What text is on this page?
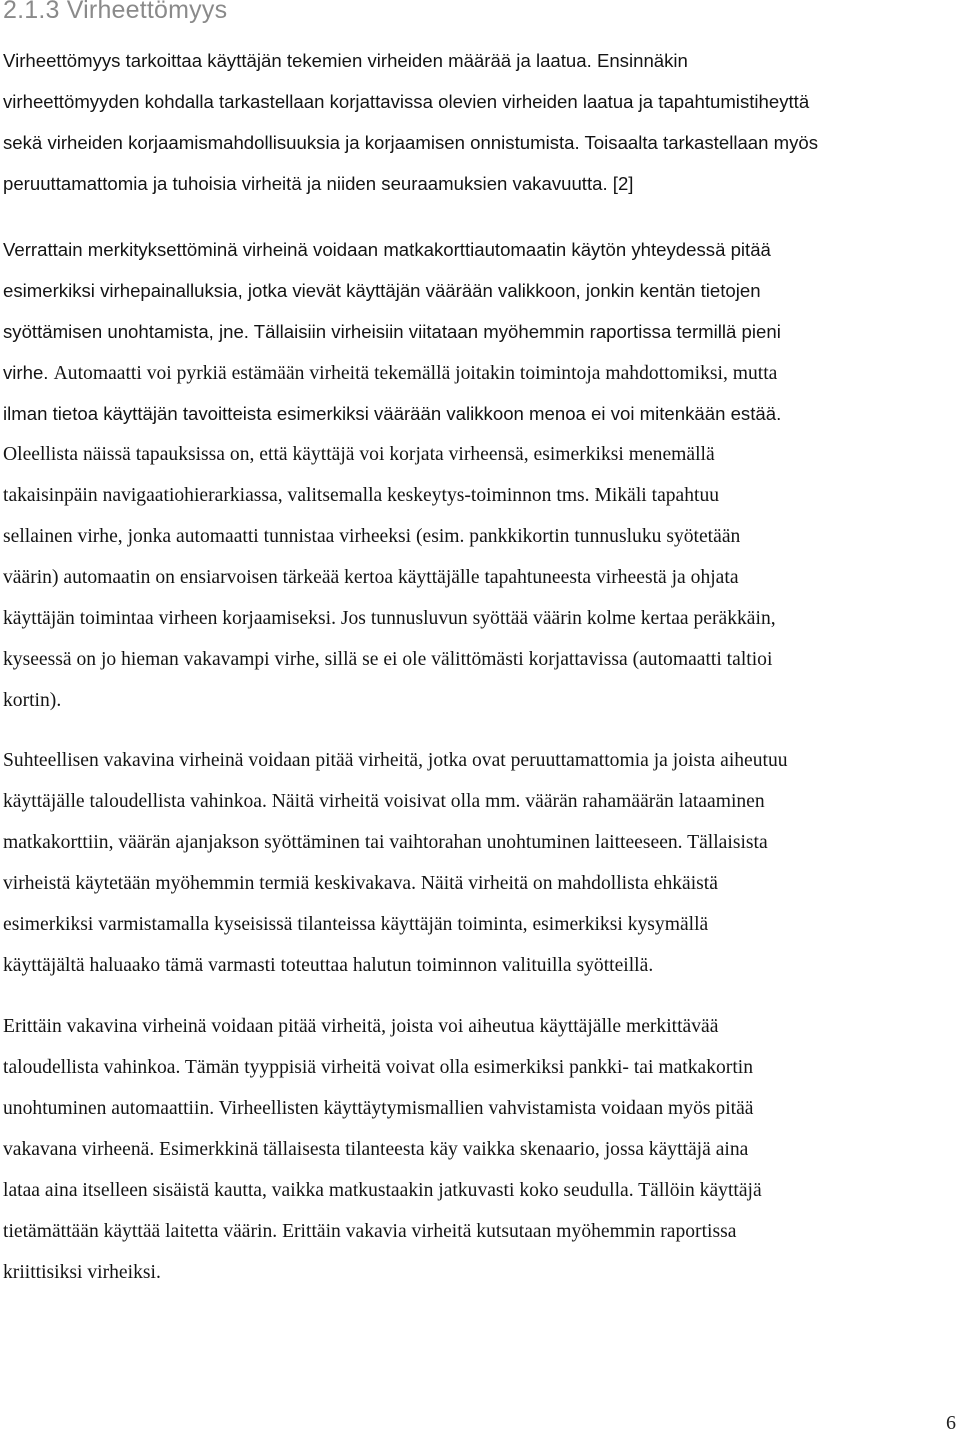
2.1.3 Virheettömyys
Virheettömyys tarkoittaa käyttäjän tekemien virheiden määrää ja laatua. Ensinnäkin
virheettömyyden kohdalla tarkastellaan korjattavissa olevien virheiden laatua ja tapahtumistiheyttä
sekä virheiden korjaamismahdollisuuksia ja korjaamisen onnistumista. Toisaalta tarkastellaan myös
peruuttamattomia ja tuhoisia virheitä ja niiden seuraamuksien vakavuutta. [2]
Verrattain merkityksettöminä virheinä voidaan matkakorttiautomaatin käytön yhteydessä pitää
esimerkiksi virhepainalluksia, jotka vievät käyttäjän väärään valikkoon, jonkin kentän tietojen
syöttämisen unohtamista, jne. Tällaisiin virheisiin viitataan myöhemmin raportissa termillä pieni
virhe. Automaatti voi pyrkiä estämään virheitä tekemällä joitakin toimintoja mahdottomiksi, mutta
ilman tietoa käyttäjän tavoitteista esimerkiksi väärään valikkoon menoa ei voi mitenkään estää.
Oleellista näissä tapauksissa on, että käyttäjä voi korjata virheensä, esimerkiksi menemällä
takaisinpäin navigaatiohierarkiassa, valitsemalla keskeytys-toiminnon tms. Mikäli tapahtuu
sellainen virhe, jonka automaatti tunnistaa virheeksi (esim. pankkikortin tunnusluku syötetään
väärin) automaatin on ensiarvoisen tärkeää kertoa käyttäjälle tapahtuneesta virheestä ja ohjata
käyttäjän toimintaa virheen korjaamiseksi. Jos tunnusluvun syöttää väärin kolme kertaa peräkkäin,
kyseessä on jo hieman vakavampi virhe, sillä se ei ole välittömästi korjattavissa (automaatti taltioi
kortin).
Suhteellisen vakavina virheinä voidaan pitää virheitä, jotka ovat peruuttamattomia ja joista aiheutuu
käyttäjälle taloudellista vahinkoa. Näitä virheitä voisivat olla mm. väärän rahamäärän lataaminen
matkakorttiin, väärän ajanjakson syöttäminen tai vaihtorahan unohtuminen laitteeseen. Tällaisista
virheistä käytetään myöhemmin termiä keskivakava. Näitä virheitä on mahdollista ehkäistä
esimerkiksi varmistamalla kyseisissä tilanteissa käyttäjän toiminta, esimerkiksi kysymällä
käyttäjältä haluaako tämä varmasti toteuttaa halutun toiminnon valituilla syötteillä.
Erittäin vakavina virheinä voidaan pitää virheitä, joista voi aiheutua käyttäjälle merkittävää
taloudellista vahinkoa. Tämän tyyppisiä virheitä voivat olla esimerkiksi pankki- tai matkakortin
unohtuminen automaattiin. Virheellisten käyttäytymismallien vahvistamista voidaan myös pitää
vakavana virheenä. Esimerkkinä tällaisesta tilanteesta käy vaikka skenaario, jossa käyttäjä aina
lataa aina itselleen sisäistä kautta, vaikka matkustaakin jatkuvasti koko seudulla. Tällöin käyttäjä
tietämättään käyttää laitetta väärin. Erittäin vakavia virheitä kutsutaan myöhemmin raportissa
kriittisiksi virheiksi.
6
